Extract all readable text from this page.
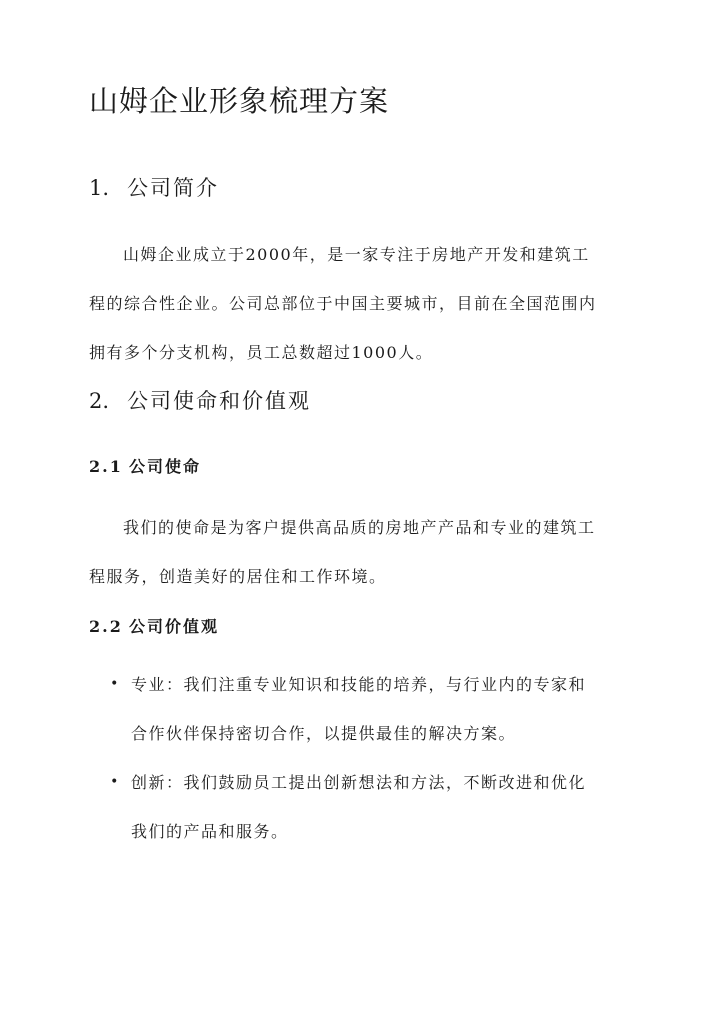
山姆企业形象梳理方案
1. 公司简介
山姆企业成立于2000年，是一家专注于房地产开发和建筑工
程的综合性企业。公司总部位于中国主要城市，目前在全国范围内
拥有多个分支机构，员工总数超过1000人。
2. 公司使命和价值观
2.1 公司使命
我们的使命是为客户提供高品质的房地产产品和专业的建筑工
程服务，创造美好的居住和工作环境。
2.2 公司价值观
• 专业：我们注重专业知识和技能的培养，与行业内的专家和
合作伙伴保持密切合作，以提供最佳的解决方案。
• 创新：我们鼓励员工提出创新想法和方法，不断改进和优化
我们的产品和服务。
